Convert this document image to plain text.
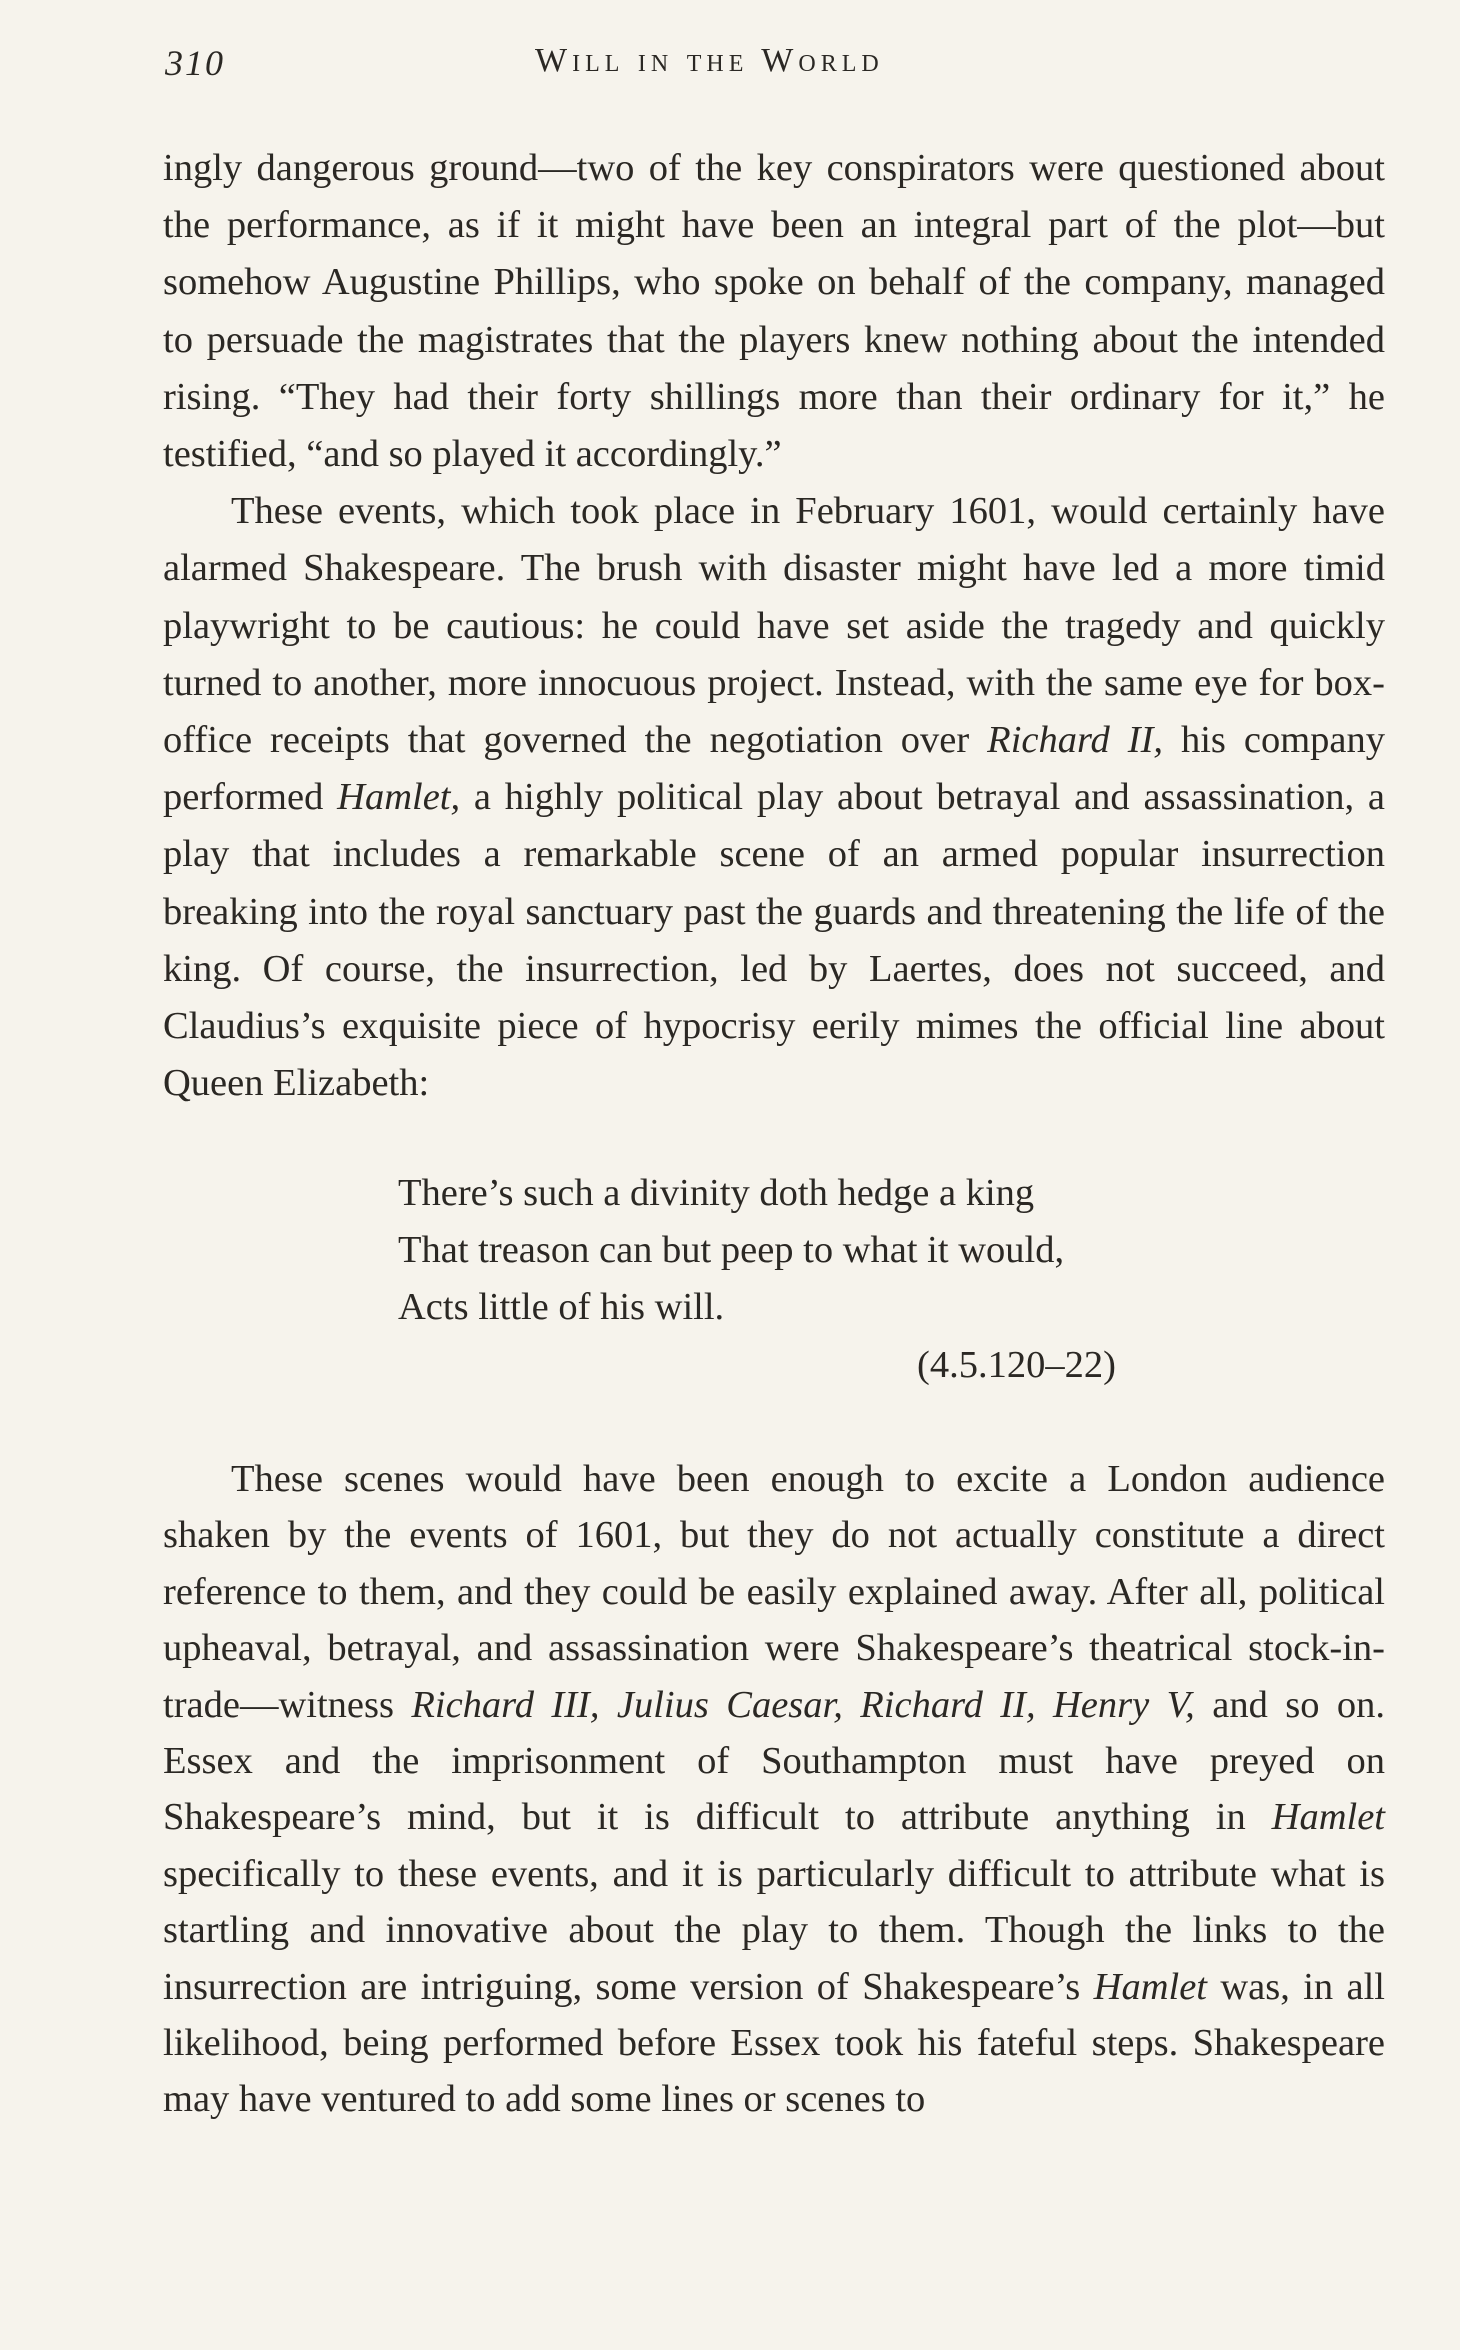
310	Will in the World

ingly dangerous ground—two of the key conspirators were questioned about the performance, as if it might have been an integral part of the plot—but somehow Augustine Phillips, who spoke on behalf of the company, managed to persuade the magistrates that the players knew nothing about the intended rising. “They had their forty shillings more than their ordinary for it,” he testified, “and so played it accordingly.”

These events, which took place in February 1601, would certainly have alarmed Shakespeare. The brush with disaster might have led a more timid playwright to be cautious: he could have set aside the tragedy and quickly turned to another, more innocuous project. Instead, with the same eye for box-office receipts that governed the negotiation over Richard II, his company performed Hamlet, a highly political play about betrayal and assassination, a play that includes a remarkable scene of an armed popular insurrection breaking into the royal sanctuary past the guards and threatening the life of the king. Of course, the insurrection, led by Laertes, does not succeed, and Claudius’s exquisite piece of hypocrisy eerily mimes the official line about Queen Elizabeth:

There’s such a divinity doth hedge a king
That treason can but peep to what it would,
Acts little of his will.
(4.5.120–22)

These scenes would have been enough to excite a London audience shaken by the events of 1601, but they do not actually constitute a direct reference to them, and they could be easily explained away. After all, political upheaval, betrayal, and assassination were Shakespeare’s theatrical stock-in-trade—witness Richard III, Julius Caesar, Richard II, Henry V, and so on. Essex and the imprisonment of Southampton must have preyed on Shakespeare’s mind, but it is difficult to attribute anything in Hamlet specifically to these events, and it is particularly difficult to attribute what is startling and innovative about the play to them. Though the links to the insurrection are intriguing, some version of Shakespeare’s Hamlet was, in all likelihood, being performed before Essex took his fateful steps. Shakespeare may have ventured to add some lines or scenes to
